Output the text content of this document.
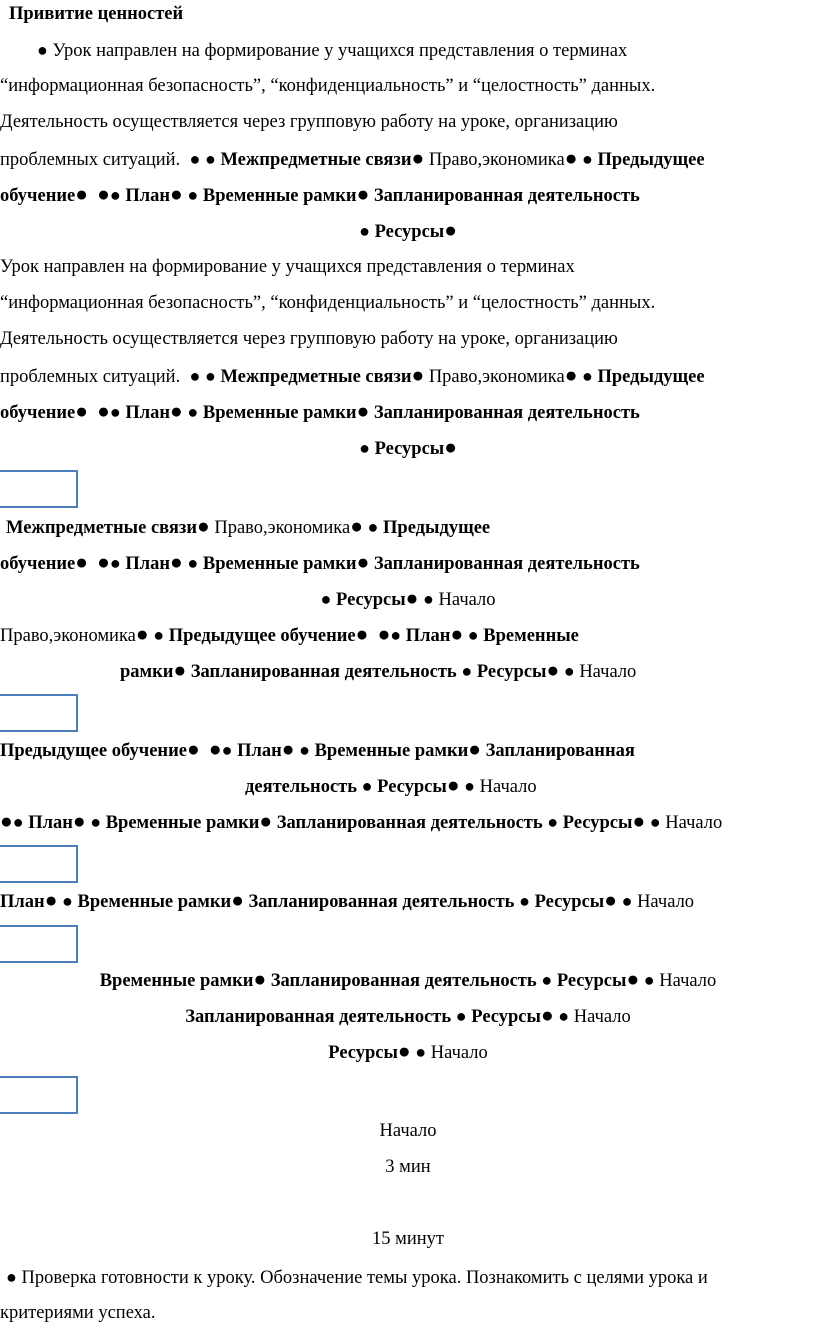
Привитие ценностей
● Урок направлен на формирование у учащихся представления о терминах
“информационная безопасность”, “конфиденциальность” и “целостность” данных.
Деятельность осуществляется через групповую работу на уроке, организацию
проблемных ситуаций. ● ● Межпредметные связи● Право,экономика● ● Предыдущее
обучение● ●● План● ● Временные рамки● Запланированная деятельность
● Ресурсы●
Урок направлен на формирование у учащихся представления о терминах
“информационная безопасность”, “конфиденциальность” и “целостность” данных.
Деятельность осуществляется через групповую работу на уроке, организацию
проблемных ситуаций. ● ● Межпредметные связи● Право,экономика● ● Предыдущее
обучение● ●● План● ● Временные рамки● Запланированная деятельность
● Ресурсы●
Межпредметные связи● Право,экономика● ● Предыдущее
обучение● ●● План● ● Временные рамки● Запланированная деятельность
● Ресурсы● ● Начало
Право,экономика● ● Предыдущее обучение● ●● План● ● Временные
рамки● Запланированная деятельность ● Ресурсы● ● Начало
Предыдущее обучение● ●● План● ● Временные рамки● Запланированная
деятельность ● Ресурсы● ● Начало
●● План● ● Временные рамки● Запланированная деятельность ● Ресурсы● ● Начало
План● ● Временные рамки● Запланированная деятельность ● Ресурсы● ● Начало
Временные рамки● Запланированная деятельность ● Ресурсы● ● Начало
Запланированная деятельность ● Ресурсы● ● Начало
Ресурсы● ● Начало
Начало
3 мин
15 минут
● Проверка готовности к уроку. Обозначение темы урока. Познакомить с целями урока и
критериями успеха.
